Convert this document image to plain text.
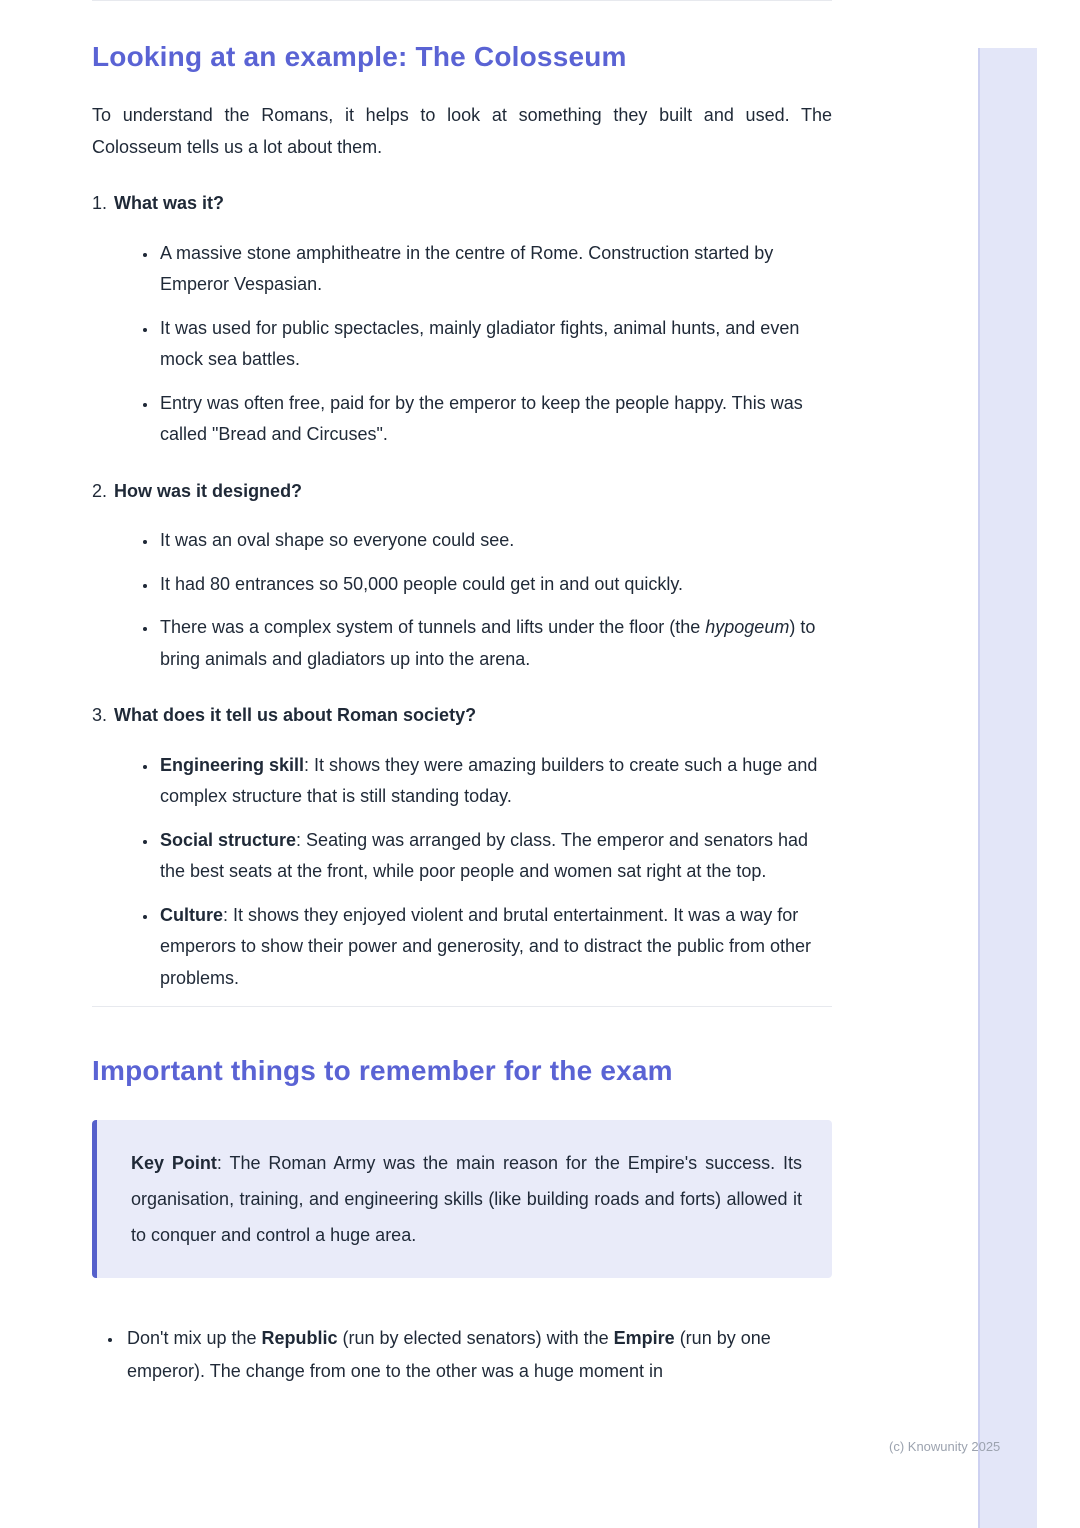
Looking at an example: The Colosseum

To understand the Romans, it helps to look at something they built and used. The Colosseum tells us a lot about them.

1. What was it?
• A massive stone amphitheatre in the centre of Rome. Construction started by Emperor Vespasian.
• It was used for public spectacles, mainly gladiator fights, animal hunts, and even mock sea battles.
• Entry was often free, paid for by the emperor to keep the people happy. This was called "Bread and Circuses".
2. How was it designed?
• It was an oval shape so everyone could see.
• It had 80 entrances so 50,000 people could get in and out quickly.
• There was a complex system of tunnels and lifts under the floor (the hypogeum) to bring animals and gladiators up into the arena.
3. What does it tell us about Roman society?
• Engineering skill: It shows they were amazing builders to create such a huge and complex structure that is still standing today.
• Social structure: Seating was arranged by class. The emperor and senators had the best seats at the front, while poor people and women sat right at the top.
• Culture: It shows they enjoyed violent and brutal entertainment. It was a way for emperors to show their power and generosity, and to distract the public from other problems.
Important things to remember for the exam

Key Point: The Roman Army was the main reason for the Empire's success. Its organisation, training, and engineering skills (like building roads and forts) allowed it to conquer and control a huge area.

• Don't mix up the Republic (run by elected senators) with the Empire (run by one emperor). The change from one to the other was a huge moment in
(c) Knowunity 2025
